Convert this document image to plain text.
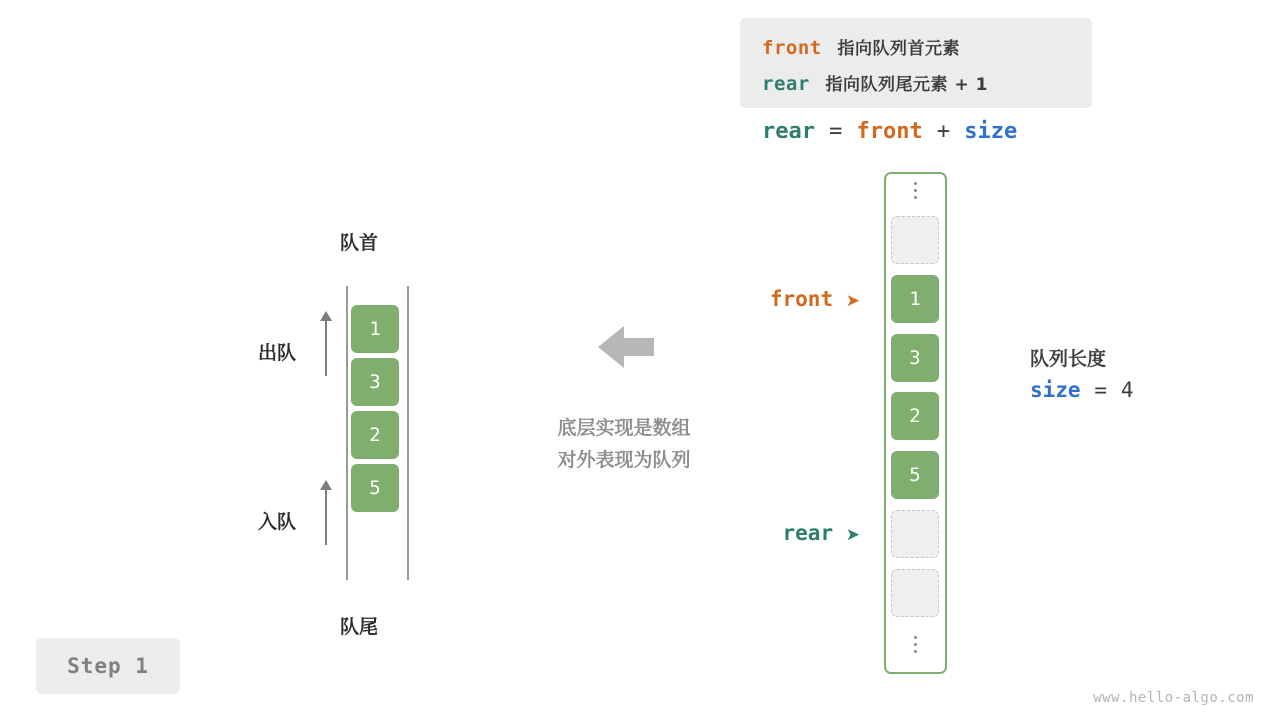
front 指向队列首元素
rear 指向队列尾元素 + 1
rear = front + size
队首
队尾
1
3
2
5
出队
入队
底层实现是数组
对外表现为队列
1
3
2
5
front ➤
rear ➤
队列长度
size = 4
Step 1
www.hello-algo.com
